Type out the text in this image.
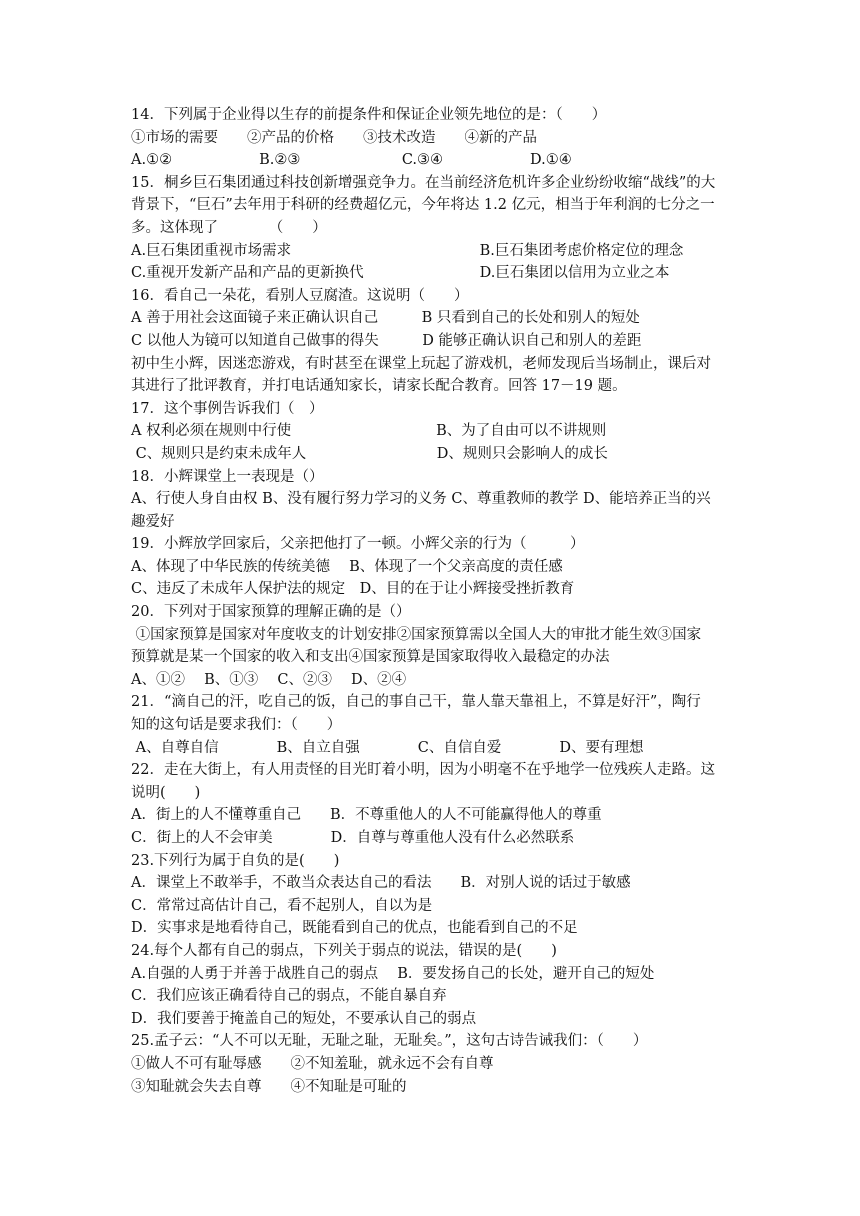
14．下列属于企业得以生存的前提条件和保证企业领先地位的是：（　　）
①市场的需要　　②产品的价格　　③技术改造　　④新的产品
A.①②　　　　　　B.②③　　　　　　　C.③④　　　　　　D.①④
15．桐乡巨石集团通过科技创新增强竞争力。在当前经济危机许多企业纷纷收缩“战线”的大
背景下，“巨石”去年用于科研的经费超亿元，今年将达 1.2 亿元，相当于年利润的七分之一
多。这体现了　　　　（　　）
A.巨石集团重视市场需求　　　　　　　　　　　　　B.巨石集团考虑价格定位的理念
C.重视开发新产品和产品的更新换代　　　　　　　　D.巨石集团以信用为立业之本
16．看自己一朵花，看别人豆腐渣。这说明（　　）
A 善于用社会这面镜子来正确认识自己　　　B 只看到自己的长处和别人的短处
C 以他人为镜可以知道自己做事的得失　　　D 能够正确认识自己和别人的差距
初中生小辉，因迷恋游戏，有时甚至在课堂上玩起了游戏机，老师发现后当场制止，课后对
其进行了批评教育，并打电话通知家长，请家长配合教育。回答 17－19 题。
17．这个事例告诉我们（　）
A 权利必须在规则中行使　　　　　　　　　　B、为了自由可以不讲规则
C、规则只是约束未成年人　　　　　　　　　D、规则只会影响人的成长
18．小辉课堂上一表现是（）
A、行使人身自由权 B、没有履行努力学习的义务 C、尊重教师的教学 D、能培养正当的兴
趣爱好
19．小辉放学回家后，父亲把他打了一顿。小辉父亲的行为（　　　）
A、体现了中华民族的传统美德　 B、体现了一个父亲高度的责任感
C、违反了未成年人保护法的规定　D、目的在于让小辉接受挫折教育
20．下列对于国家预算的理解正确的是（）
①国家预算是国家对年度收支的计划安排②国家预算需以全国人大的审批才能生效③国家
预算就是某一个国家的收入和支出④国家预算是国家取得收入最稳定的办法
A、①②　 B、①③　 C、②③　 D、②④
21．“滴自己的汗，吃自己的饭，自己的事自己干，靠人靠天靠祖上，不算是好汗”，陶行
知的这句话是要求我们：（　　）
A、自尊自信　　　　B、自立自强　　　　C、自信自爱　　　　D、要有理想
22．走在大街上，有人用责怪的目光盯着小明，因为小明毫不在乎地学一位残疾人走路。这
说明(　　)
A．街上的人不懂尊重自己　　B．不尊重他人的人不可能赢得他人的尊重
C．街上的人不会审美　　　　D．自尊与尊重他人没有什么必然联系
23.下列行为属于自负的是(　　)
A．课堂上不敢举手，不敢当众表达自己的看法　　B．对别人说的话过于敏感
C．常常过高估计自己，看不起别人，自以为是
D．实事求是地看待自己，既能看到自己的优点，也能看到自己的不足
24.每个人都有自己的弱点，下列关于弱点的说法，错误的是(　　)
A.自强的人勇于并善于战胜自己的弱点　 B．要发扬自己的长处，避开自己的短处
C．我们应该正确看待自己的弱点，不能自暴自弃
D．我们要善于掩盖自己的短处，不要承认自己的弱点
25.孟子云：“人不可以无耻，无耻之耻，无耻矣。”，这句古诗告诫我们：（　　）
①做人不可有耻辱感　　②不知羞耻，就永远不会有自尊
③知耻就会失去自尊　　④不知耻是可耻的
